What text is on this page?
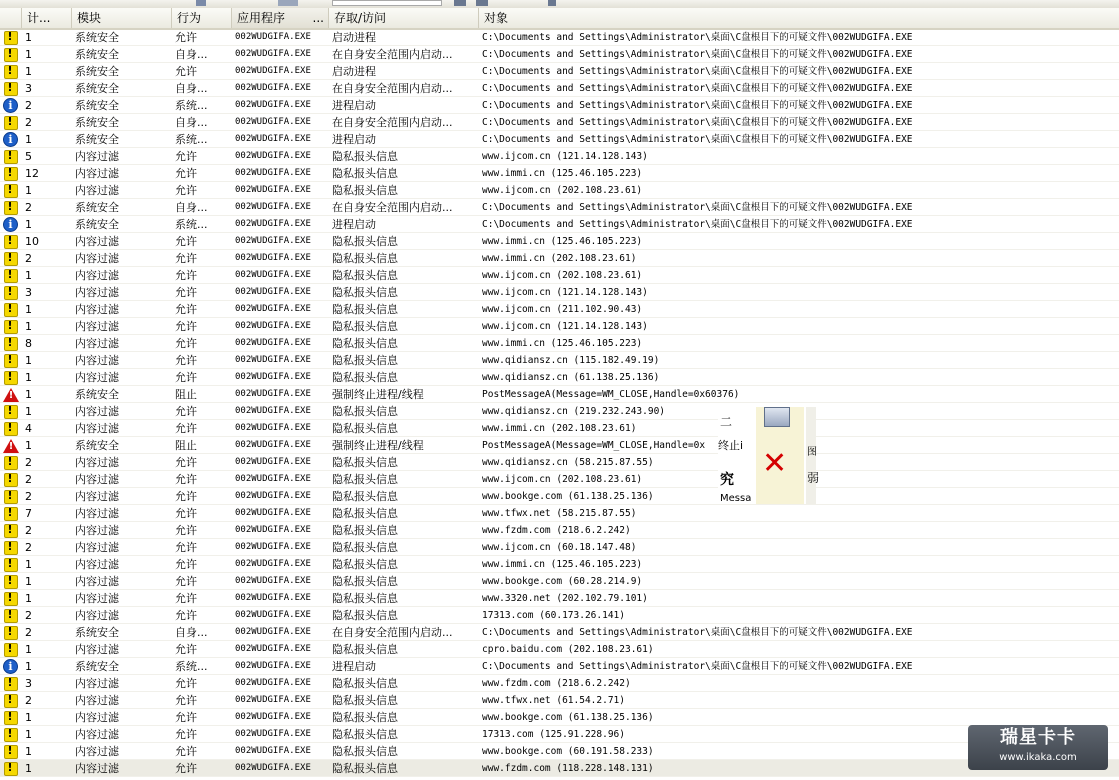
计...	模块	行为	应用程序 ... 存取/访问	对象
!
1	系统安全	允许	002WUDGIFA.EXE	启动进程	C:\Documents and Settings\Administrator\桌面\C盘根目下的可疑文件\002WUDGIFA.EXE
!
1	系统安全	自身...	002WUDGIFA.EXE	在自身安全范围内启动...	C:\Documents and Settings\Administrator\桌面\C盘根目下的可疑文件\002WUDGIFA.EXE
!
1	系统安全	允许	002WUDGIFA.EXE	启动进程	C:\Documents and Settings\Administrator\桌面\C盘根目下的可疑文件\002WUDGIFA.EXE
!
3	系统安全	自身...	002WUDGIFA.EXE	在自身安全范围内启动...	C:\Documents and Settings\Administrator\桌面\C盘根目下的可疑文件\002WUDGIFA.EXE
i
2	系统安全	系统...	002WUDGIFA.EXE	进程启动	C:\Documents and Settings\Administrator\桌面\C盘根目下的可疑文件\002WUDGIFA.EXE
!
2	系统安全	自身...	002WUDGIFA.EXE	在自身安全范围内启动...	C:\Documents and Settings\Administrator\桌面\C盘根目下的可疑文件\002WUDGIFA.EXE
i
1	系统安全	系统...	002WUDGIFA.EXE	进程启动	C:\Documents and Settings\Administrator\桌面\C盘根目下的可疑文件\002WUDGIFA.EXE
!
5	内容过滤	允许	002WUDGIFA.EXE	隐私报头信息	www.ijcom.cn (121.14.128.143)
!
12	内容过滤	允许	002WUDGIFA.EXE	隐私报头信息	www.immi.cn (125.46.105.223)
!
1	内容过滤	允许	002WUDGIFA.EXE	隐私报头信息	www.ijcom.cn (202.108.23.61)
!
2	系统安全	自身...	002WUDGIFA.EXE	在自身安全范围内启动...	C:\Documents and Settings\Administrator\桌面\C盘根目下的可疑文件\002WUDGIFA.EXE
i
1	系统安全	系统...	002WUDGIFA.EXE	进程启动	C:\Documents and Settings\Administrator\桌面\C盘根目下的可疑文件\002WUDGIFA.EXE
!
10	内容过滤	允许	002WUDGIFA.EXE	隐私报头信息	www.immi.cn (125.46.105.223)
!
2	内容过滤	允许	002WUDGIFA.EXE	隐私报头信息	www.immi.cn (202.108.23.61)
!
1	内容过滤	允许	002WUDGIFA.EXE	隐私报头信息	www.ijcom.cn (202.108.23.61)
!
3	内容过滤	允许	002WUDGIFA.EXE	隐私报头信息	www.ijcom.cn (121.14.128.143)
!
1	内容过滤	允许	002WUDGIFA.EXE	隐私报头信息	www.ijcom.cn (211.102.90.43)
!
1	内容过滤	允许	002WUDGIFA.EXE	隐私报头信息	www.ijcom.cn (121.14.128.143)
!
8	内容过滤	允许	002WUDGIFA.EXE	隐私报头信息	www.immi.cn (125.46.105.223)
!
1	内容过滤	允许	002WUDGIFA.EXE	隐私报头信息	www.qidiansz.cn (115.182.49.19)
!
1	内容过滤	允许	002WUDGIFA.EXE	隐私报头信息	www.qidiansz.cn (61.138.25.136)
!
1	系统安全	阻止	002WUDGIFA.EXE	强制终止进程/线程	PostMessageA(Message=WM_CLOSE,Handle=0x60376)
!
1	内容过滤	允许	002WUDGIFA.EXE	隐私报头信息	www.qidiansz.cn (219.232.243.90)
!
4	内容过滤	允许	002WUDGIFA.EXE	隐私报头信息	www.immi.cn (202.108.23.61)
!
1	系统安全	阻止	002WUDGIFA.EXE	强制终止进程/线程	PostMessageA(Message=WM_CLOSE,Handle=0x
!
2	内容过滤	允许	002WUDGIFA.EXE	隐私报头信息	www.qidiansz.cn (58.215.87.55)
!
2	内容过滤	允许	002WUDGIFA.EXE	隐私报头信息	www.ijcom.cn (202.108.23.61)
!
2	内容过滤	允许	002WUDGIFA.EXE	隐私报头信息	www.bookge.com (61.138.25.136)
!
7	内容过滤	允许	002WUDGIFA.EXE	隐私报头信息	www.tfwx.net (58.215.87.55)
!
2	内容过滤	允许	002WUDGIFA.EXE	隐私报头信息	www.fzdm.com (218.6.2.242)
!
2	内容过滤	允许	002WUDGIFA.EXE	隐私报头信息	www.ijcom.cn (60.18.147.48)
!
1	内容过滤	允许	002WUDGIFA.EXE	隐私报头信息	www.immi.cn (125.46.105.223)
!
1	内容过滤	允许	002WUDGIFA.EXE	隐私报头信息	www.bookge.com (60.28.214.9)
!
1	内容过滤	允许	002WUDGIFA.EXE	隐私报头信息	www.3320.net (202.102.79.101)
!
2	内容过滤	允许	002WUDGIFA.EXE	隐私报头信息	17313.com (60.173.26.141)
!
2	系统安全	自身...	002WUDGIFA.EXE	在自身安全范围内启动...	C:\Documents and Settings\Administrator\桌面\C盘根目下的可疑文件\002WUDGIFA.EXE
!
1	内容过滤	允许	002WUDGIFA.EXE	隐私报头信息	cpro.baidu.com (202.108.23.61)
i
1	系统安全	系统...	002WUDGIFA.EXE	进程启动	C:\Documents and Settings\Administrator\桌面\C盘根目下的可疑文件\002WUDGIFA.EXE
!
3	内容过滤	允许	002WUDGIFA.EXE	隐私报头信息	www.fzdm.com (218.6.2.242)
!
2	内容过滤	允许	002WUDGIFA.EXE	隐私报头信息	www.tfwx.net (61.54.2.71)
!
1	内容过滤	允许	002WUDGIFA.EXE	隐私报头信息	www.bookge.com (61.138.25.136)
!
1	内容过滤	允许	002WUDGIFA.EXE	隐私报头信息	17313.com (125.91.228.96)
!
1	内容过滤	允许	002WUDGIFA.EXE	隐私报头信息	www.bookge.com (60.191.58.233)
!
1	内容过滤	允许	002WUDGIFA.EXE	隐私报头信息	www.fzdm.com (118.228.148.131)
✕
二
究
Messa
终止i
图
弱
瑞星卡卡
www.ikaka.com
